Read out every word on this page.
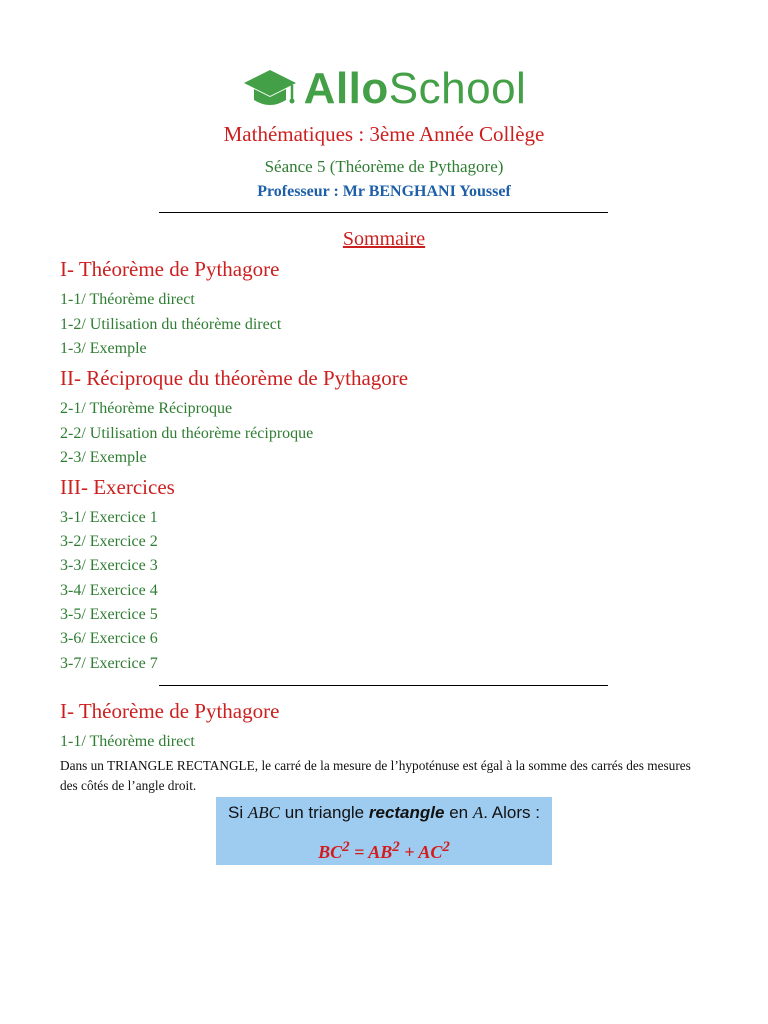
AlloSchool
Mathématiques : 3ème Année Collège
Séance 5 (Théorème de Pythagore)
Professeur : Mr BENGHANI Youssef
Sommaire
I- Théorème de Pythagore
1-1/ Théorème direct
1-2/ Utilisation du théorème direct
1-3/ Exemple
II- Réciproque du théorème de Pythagore
2-1/ Théorème Réciproque
2-2/ Utilisation du théorème réciproque
2-3/ Exemple
III- Exercices
3-1/ Exercice 1
3-2/ Exercice 2
3-3/ Exercice 3
3-4/ Exercice 4
3-5/ Exercice 5
3-6/ Exercice 6
3-7/ Exercice 7
I- Théorème de Pythagore
1-1/ Théorème direct
Dans un TRIANGLE RECTANGLE, le carré de la mesure de l’hypoténuse est égal à la somme des carrés des mesures des côtés de l’angle droit.
Si ABC un triangle rectangle en A. Alors :
$BC^2 = AB^2 + AC^2$
